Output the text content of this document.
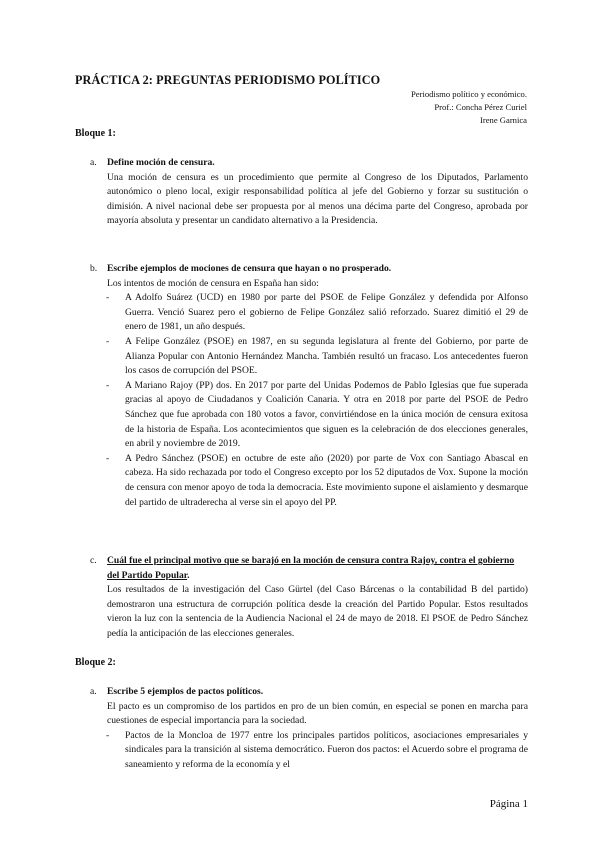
PRÁCTICA 2: PREGUNTAS PERIODISMO POLÍTICO
Periodismo político y económico.
Prof.: Concha Pérez Curiel
Irene Garnica
Bloque 1:
a.	Define moción de censura.
Una moción de censura es un procedimiento que permite al Congreso de los Diputados, Parlamento autonómico o pleno local, exigir responsabilidad política al jefe del Gobierno y forzar su sustitución o dimisión. A nivel nacional debe ser propuesta por al menos una décima parte del Congreso, aprobada por mayoría absoluta y presentar un candidato alternativo a la Presidencia.
b.	Escribe ejemplos de mociones de censura que hayan o no prosperado.
Los intentos de moción de censura en España han sido:
- A Adolfo Suárez (UCD) en 1980 por parte del PSOE de Felipe González y defendida por Alfonso Guerra. Venció Suarez pero el gobierno de Felipe González salió reforzado. Suarez dimitió el 29 de enero de 1981, un año después.
- A Felipe González (PSOE) en 1987, en su segunda legislatura al frente del Gobierno, por parte de Alianza Popular con Antonio Hernández Mancha. También resultó un fracaso. Los antecedentes fueron los casos de corrupción del PSOE.
- A Mariano Rajoy (PP) dos. En 2017 por parte del Unidas Podemos de Pablo Iglesias que fue superada gracias al apoyo de Ciudadanos y Coalición Canaria. Y otra en 2018 por parte del PSOE de Pedro Sánchez que fue aprobada con 180 votos a favor, convirtiéndose en la única moción de censura exitosa de la historia de España. Los acontecimientos que siguen es la celebración de dos elecciones generales, en abril y noviembre de 2019.
- A Pedro Sánchez (PSOE) en octubre de este año (2020) por parte de Vox con Santiago Abascal en cabeza. Ha sido rechazada por todo el Congreso excepto por los 52 diputados de Vox. Supone la moción de censura con menor apoyo de toda la democracia. Este movimiento supone el aislamiento y desmarque del partido de ultraderecha al verse sin el apoyo del PP.
c.	Cuál fue el principal motivo que se barajó en la moción de censura contra Rajoy, contra el gobierno del Partido Popular.
Los resultados de la investigación del Caso Gürtel (del Caso Bárcenas o la contabilidad B del partido) demostraron una estructura de corrupción política desde la creación del Partido Popular. Estos resultados vieron la luz con la sentencia de la Audiencia Nacional el 24 de mayo de 2018. El PSOE de Pedro Sánchez pedía la anticipación de las elecciones generales.
Bloque 2:
a.	Escribe 5 ejemplos de pactos políticos.
El pacto es un compromiso de los partidos en pro de un bien común, en especial se ponen en marcha para cuestiones de especial importancia para la sociedad.
- Pactos de la Moncloa de 1977 entre los principales partidos políticos, asociaciones empresariales y sindicales para la transición al sistema democrático. Fueron dos pactos: el Acuerdo sobre el programa de saneamiento y reforma de la economía y el
Página 1
